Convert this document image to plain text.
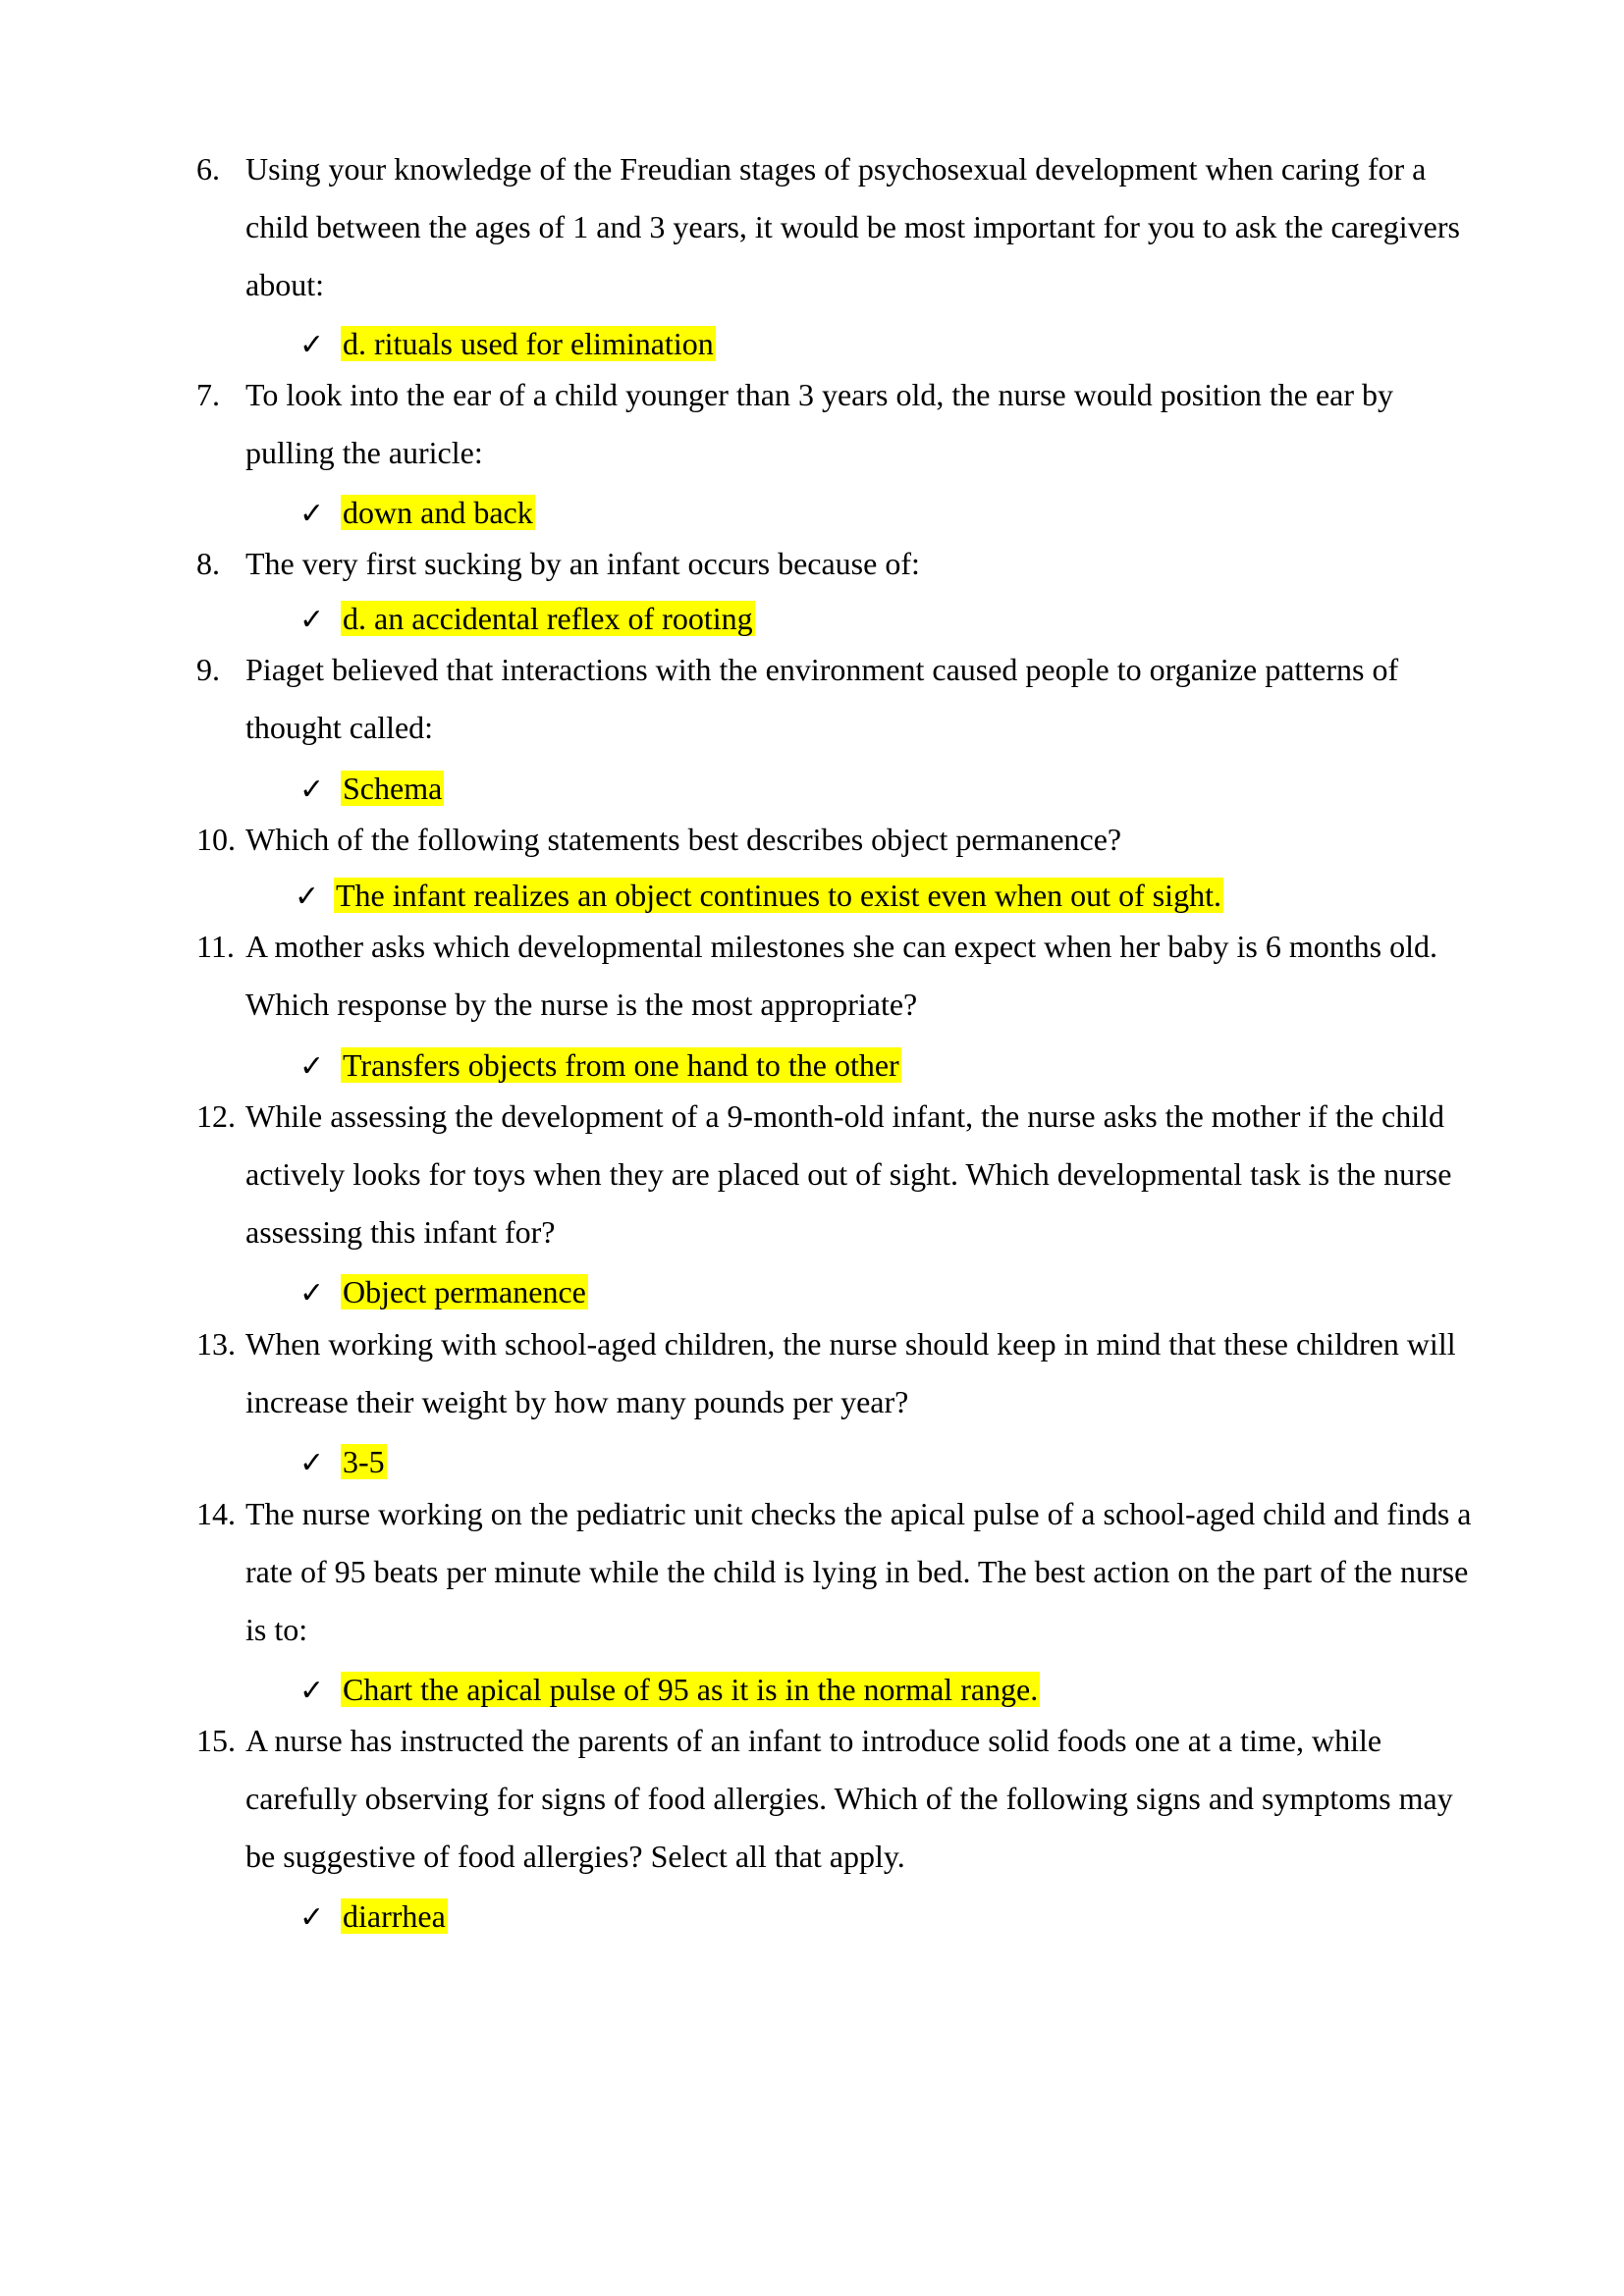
6. Using your knowledge of the Freudian stages of psychosexual development when caring for a child between the ages of 1 and 3 years, it would be most important for you to ask the caregivers about:
✓ d. rituals used for elimination
7. To look into the ear of a child younger than 3 years old, the nurse would position the ear by pulling the auricle:
✓ down and back
8. The very first sucking by an infant occurs because of:
✓ d. an accidental reflex of rooting
9. Piaget believed that interactions with the environment caused people to organize patterns of thought called:
✓ Schema
10. Which of the following statements best describes object permanence?
✓ The infant realizes an object continues to exist even when out of sight.
11. A mother asks which developmental milestones she can expect when her baby is 6 months old. Which response by the nurse is the most appropriate?
✓ Transfers objects from one hand to the other
12. While assessing the development of a 9-month-old infant, the nurse asks the mother if the child actively looks for toys when they are placed out of sight. Which developmental task is the nurse assessing this infant for?
✓ Object permanence
13. When working with school-aged children, the nurse should keep in mind that these children will increase their weight by how many pounds per year?
✓ 3-5
14. The nurse working on the pediatric unit checks the apical pulse of a school-aged child and finds a rate of 95 beats per minute while the child is lying in bed. The best action on the part of the nurse is to:
✓ Chart the apical pulse of 95 as it is in the normal range.
15. A nurse has instructed the parents of an infant to introduce solid foods one at a time, while carefully observing for signs of food allergies. Which of the following signs and symptoms may be suggestive of food allergies? Select all that apply.
✓ diarrhea
